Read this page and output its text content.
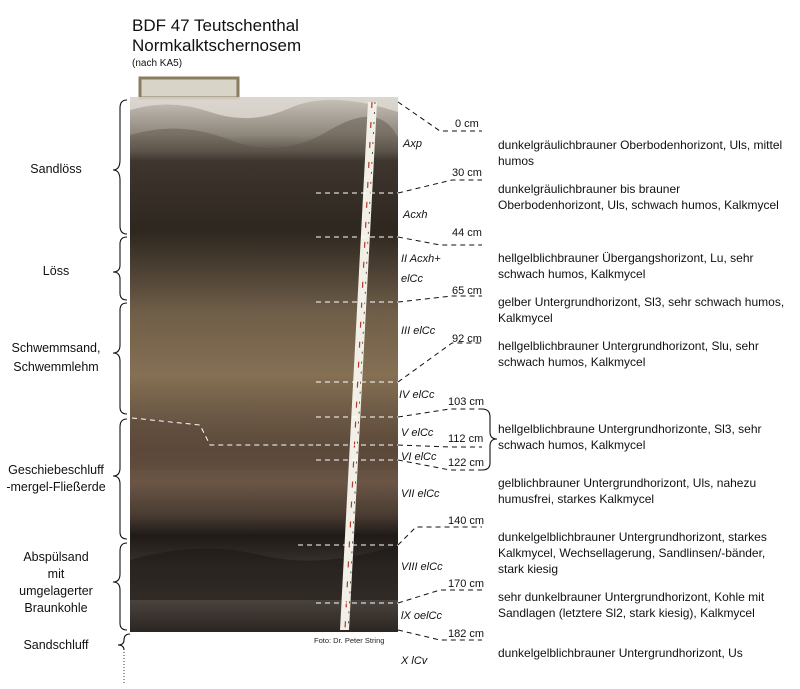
BDF 47 Teutschenthal
Normkalktschernosem
(nach KA5)
Foto: Dr. Peter String
Sandlöss
Löss
Schwemmsand,
Schwemmlehm
Geschiebeschluff
-mergel-Fließerde
Abspülsand
mit
umgelagerter
Braunkohle
Sandschluff
Axp
Acxh
II Acxh+
elCc
III elCc
IV elCc
V elCc
VI elCc
VII elCc
VIII elCc
lX oelCc
X lCv
0 cm
30 cm
44 cm
65 cm
92 cm
103 cm
112 cm
122 cm
140 cm
170 cm
182 cm
dunkelgräulichbrauner Oberbodenhorizont, Uls, mittel humos
dunkelgräulichbrauner bis brauner Oberbodenhorizont, Uls, schwach humos, Kalkmycel
hellgelblichbrauner Übergangshorizont, Lu, sehr schwach humos, Kalkmycel
gelber Untergrundhorizont, Sl3, sehr schwach humos, Kalkmycel
hellgelblichbrauner Untergrundhorizont, Slu, sehr schwach humos, Kalkmycel
hellgelblichbraune Untergrundhorizonte, Sl3, sehr schwach humos, Kalkmycel
gelblichbrauner Untergrundhorizont, Uls, nahezu humusfrei, starkes Kalkmycel
dunkelgelblichbrauner Untergrundhorizont, starkes Kalkmycel, Wechsellagerung, Sandlinsen/-bänder, stark kiesig
sehr dunkelbrauner Untergrundhorizont, Kohle mit Sandlagen (letztere Sl2, stark kiesig), Kalkmycel
dunkelgelblichbrauner Untergrundhorizont, Us
